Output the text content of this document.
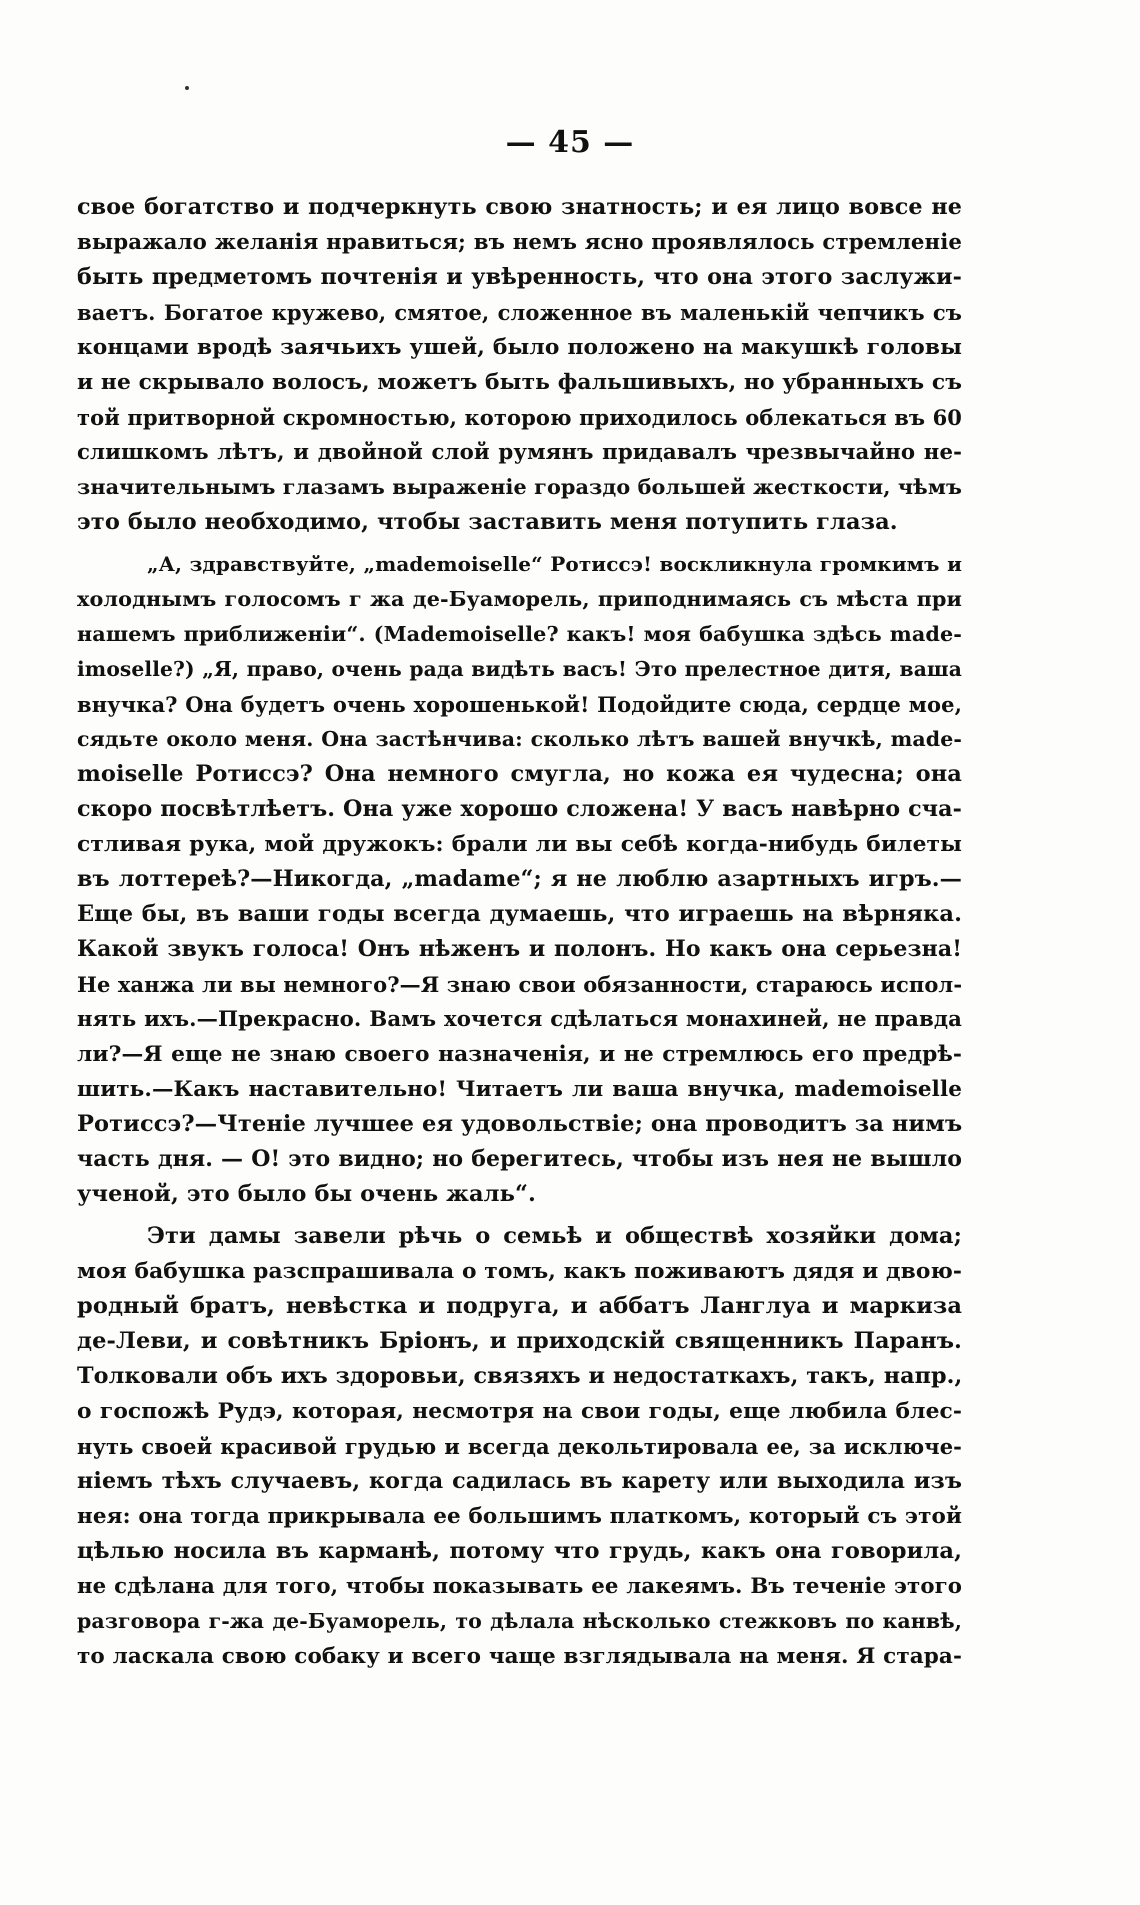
— 45 —
свое богатство и подчеркнуть свою знатность; и ея лицо вовсе не
выражало желанія нравиться; въ немъ ясно проявлялось стремленіе
быть предметомъ почтенія и увѣренность, что она этого заслужи-
ваетъ. Богатое кружево, смятое, сложенное въ маленькій чепчикъ съ
концами вродѣ заячьихъ ушей, было положено на макушкѣ головы
и не скрывало волосъ, можетъ быть фальшивыхъ, но убранныхъ съ
той притворной скромностью, которою приходилось облекаться въ 60
слишкомъ лѣтъ, и двойной слой румянъ придавалъ чрезвычайно не-
значительнымъ глазамъ выраженіе гораздо большей жесткости, чѣмъ
это было необходимо, чтобы заставить меня потупить глаза.
„А, здравствуйте, „mademoiselle“ Ротиссэ! воскликнула громкимъ и
холоднымъ голосомъ г жа де-Буаморель, приподнимаясь съ мѣста при
нашемъ приближеніи“. (Mademoiselle? какъ! моя бабушка здѣсь made-
imoselle?) „Я, право, очень рада видѣть васъ! Это прелестное дитя, ваша
внучка? Она будетъ очень хорошенькой! Подойдите сюда, сердце мое,
сядьте около меня. Она застѣнчива: сколько лѣтъ вашей внучкѣ, made-
moiselle Ротиссэ? Она немного смугла, но кожа ея чудесна; она
скоро посвѣтлѣетъ. Она уже хорошо сложена! У васъ навѣрно сча-
стливая рука, мой дружокъ: брали ли вы себѣ когда-нибудь билеты
въ лоттереѣ?—Никогда, „madame“; я не люблю азартныхъ игръ.—
Еще бы, въ ваши годы всегда думаешь, что играешь на вѣрняка.
Какой звукъ голоса! Онъ нѣженъ и полонъ. Но какъ она серьезна!
Не ханжа ли вы немного?—Я знаю свои обязанности, стараюсь испол-
нять ихъ.—Прекрасно. Вамъ хочется сдѣлаться монахиней, не правда
ли?—Я еще не знаю своего назначенія, и не стремлюсь его предрѣ-
шить.—Какъ наставительно! Читаетъ ли ваша внучка, mademoiselle
Ротиссэ?—Чтеніе лучшее ея удовольствіе; она проводитъ за нимъ
часть дня. — О! это видно; но берегитесь, чтобы изъ нея не вышло
ученой, это было бы очень жаль“.
Эти дамы завели рѣчь о семьѣ и обществѣ хозяйки дома;
моя бабушка разспрашивала о томъ, какъ поживаютъ дядя и двою-
родный братъ, невѣстка и подруга, и аббатъ Ланглуа и маркиза
де-Леви, и совѣтникъ Бріонъ, и приходскій священникъ Паранъ.
Толковали объ ихъ здоровьи, связяхъ и недостаткахъ, такъ, напр.,
о госпожѣ Рудэ, которая, несмотря на свои годы, еще любила блес-
нуть своей красивой грудью и всегда декольтировала ее, за исключе-
ніемъ тѣхъ случаевъ, когда садилась въ карету или выходила изъ
нея: она тогда прикрывала ее большимъ платкомъ, который съ этой
цѣлью носила въ карманѣ, потому что грудь, какъ она говорила,
не сдѣлана для того, чтобы показывать ее лакеямъ. Въ теченіе этого
разговора г-жа де-Буаморель, то дѣлала нѣсколько стежковъ по канвѣ,
то ласкала свою собаку и всего чаще взглядывала на меня. Я стара-
